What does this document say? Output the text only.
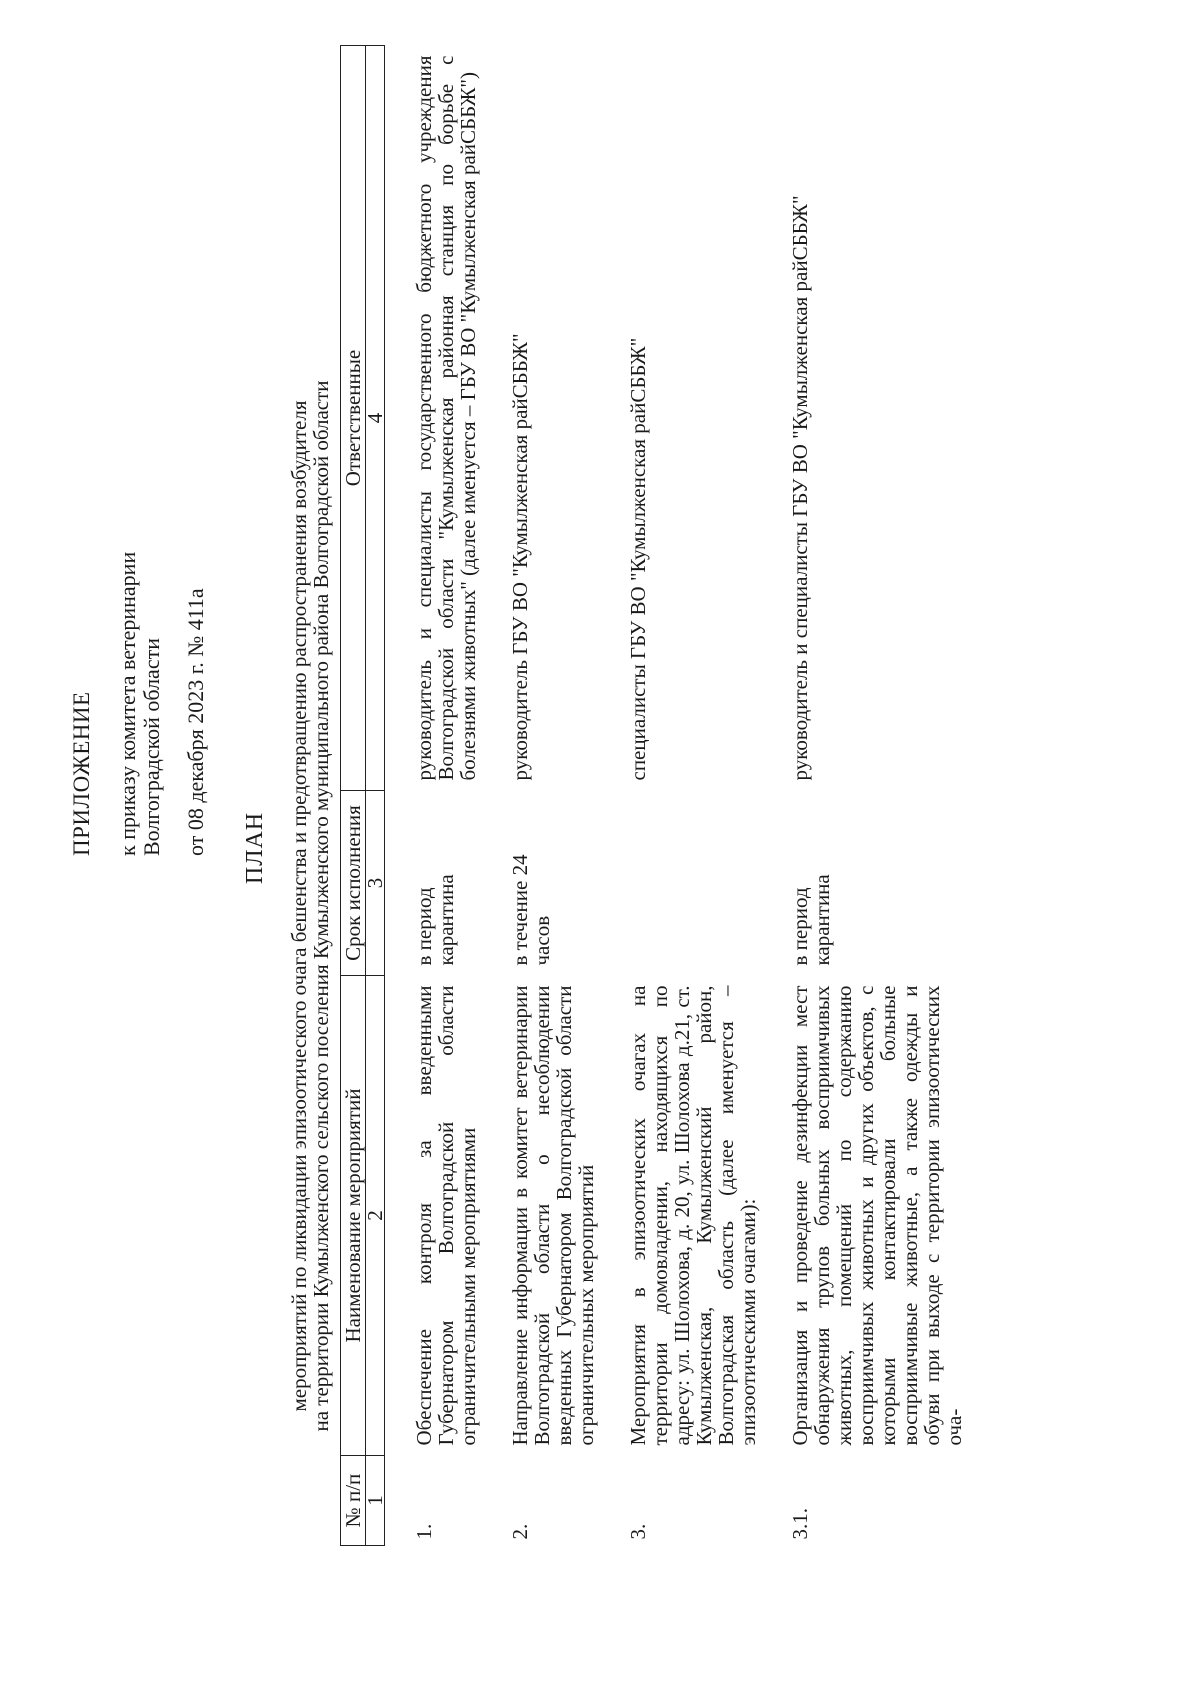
ПРИЛОЖЕНИЕ к приказу комитета ветеринарии Волгоградской области от 08 декабря 2023 г. № 411а ПЛАН мероприятий по ликвидации эпизоотического очага бешенства и предотвращению распространения возбудителя
на территории Кумылженского сельского поселения Кумылженского муниципального района Волгоградской области
№ п/п	Наименование мероприятий	Срок исполнения	Ответственные
1	2	3	4
1.	Обеспечение контроля за введенными Губернатором Волгоградской области ограничительными мероприятиями	в период карантина	руководитель и специалисты государственного бюджетного учреждения Волгоградской области "Кумылженская районная станция по борьбе с болезнями животных" (далее именуется – ГБУ ВО "Кумылженская райСББЖ")
2.	Направление информации в комитет ветеринарии Волгоградской области о несоблюдении введенных Губернатором Волгоградской области ограничительных мероприятий	в течение 24 часов	руководитель ГБУ ВО "Кумылженская райСББЖ"
3.	Мероприятия в эпизоотических очагах на территории домовладении, находящихся по адресу: ул. Шолохова, д. 20, ул. Шолохова д.21, ст. Кумылженская, Кумылженский район, Волгоградская область (далее именуется – эпизоотическими очагами):		специалисты ГБУ ВО "Кумылженская райСББЖ"
3.1.	Организация и проведение дезинфекции мест обнаружения трупов больных восприимчивых животных, помещений по содержанию восприимчивых животных и других объектов, с которыми контактировали больные восприимчивые животные, а также одежды и обуви при выходе с территории эпизоотических оча-	в период карантина	руководитель и специалисты ГБУ ВО "Кумылженская райСББЖ"
